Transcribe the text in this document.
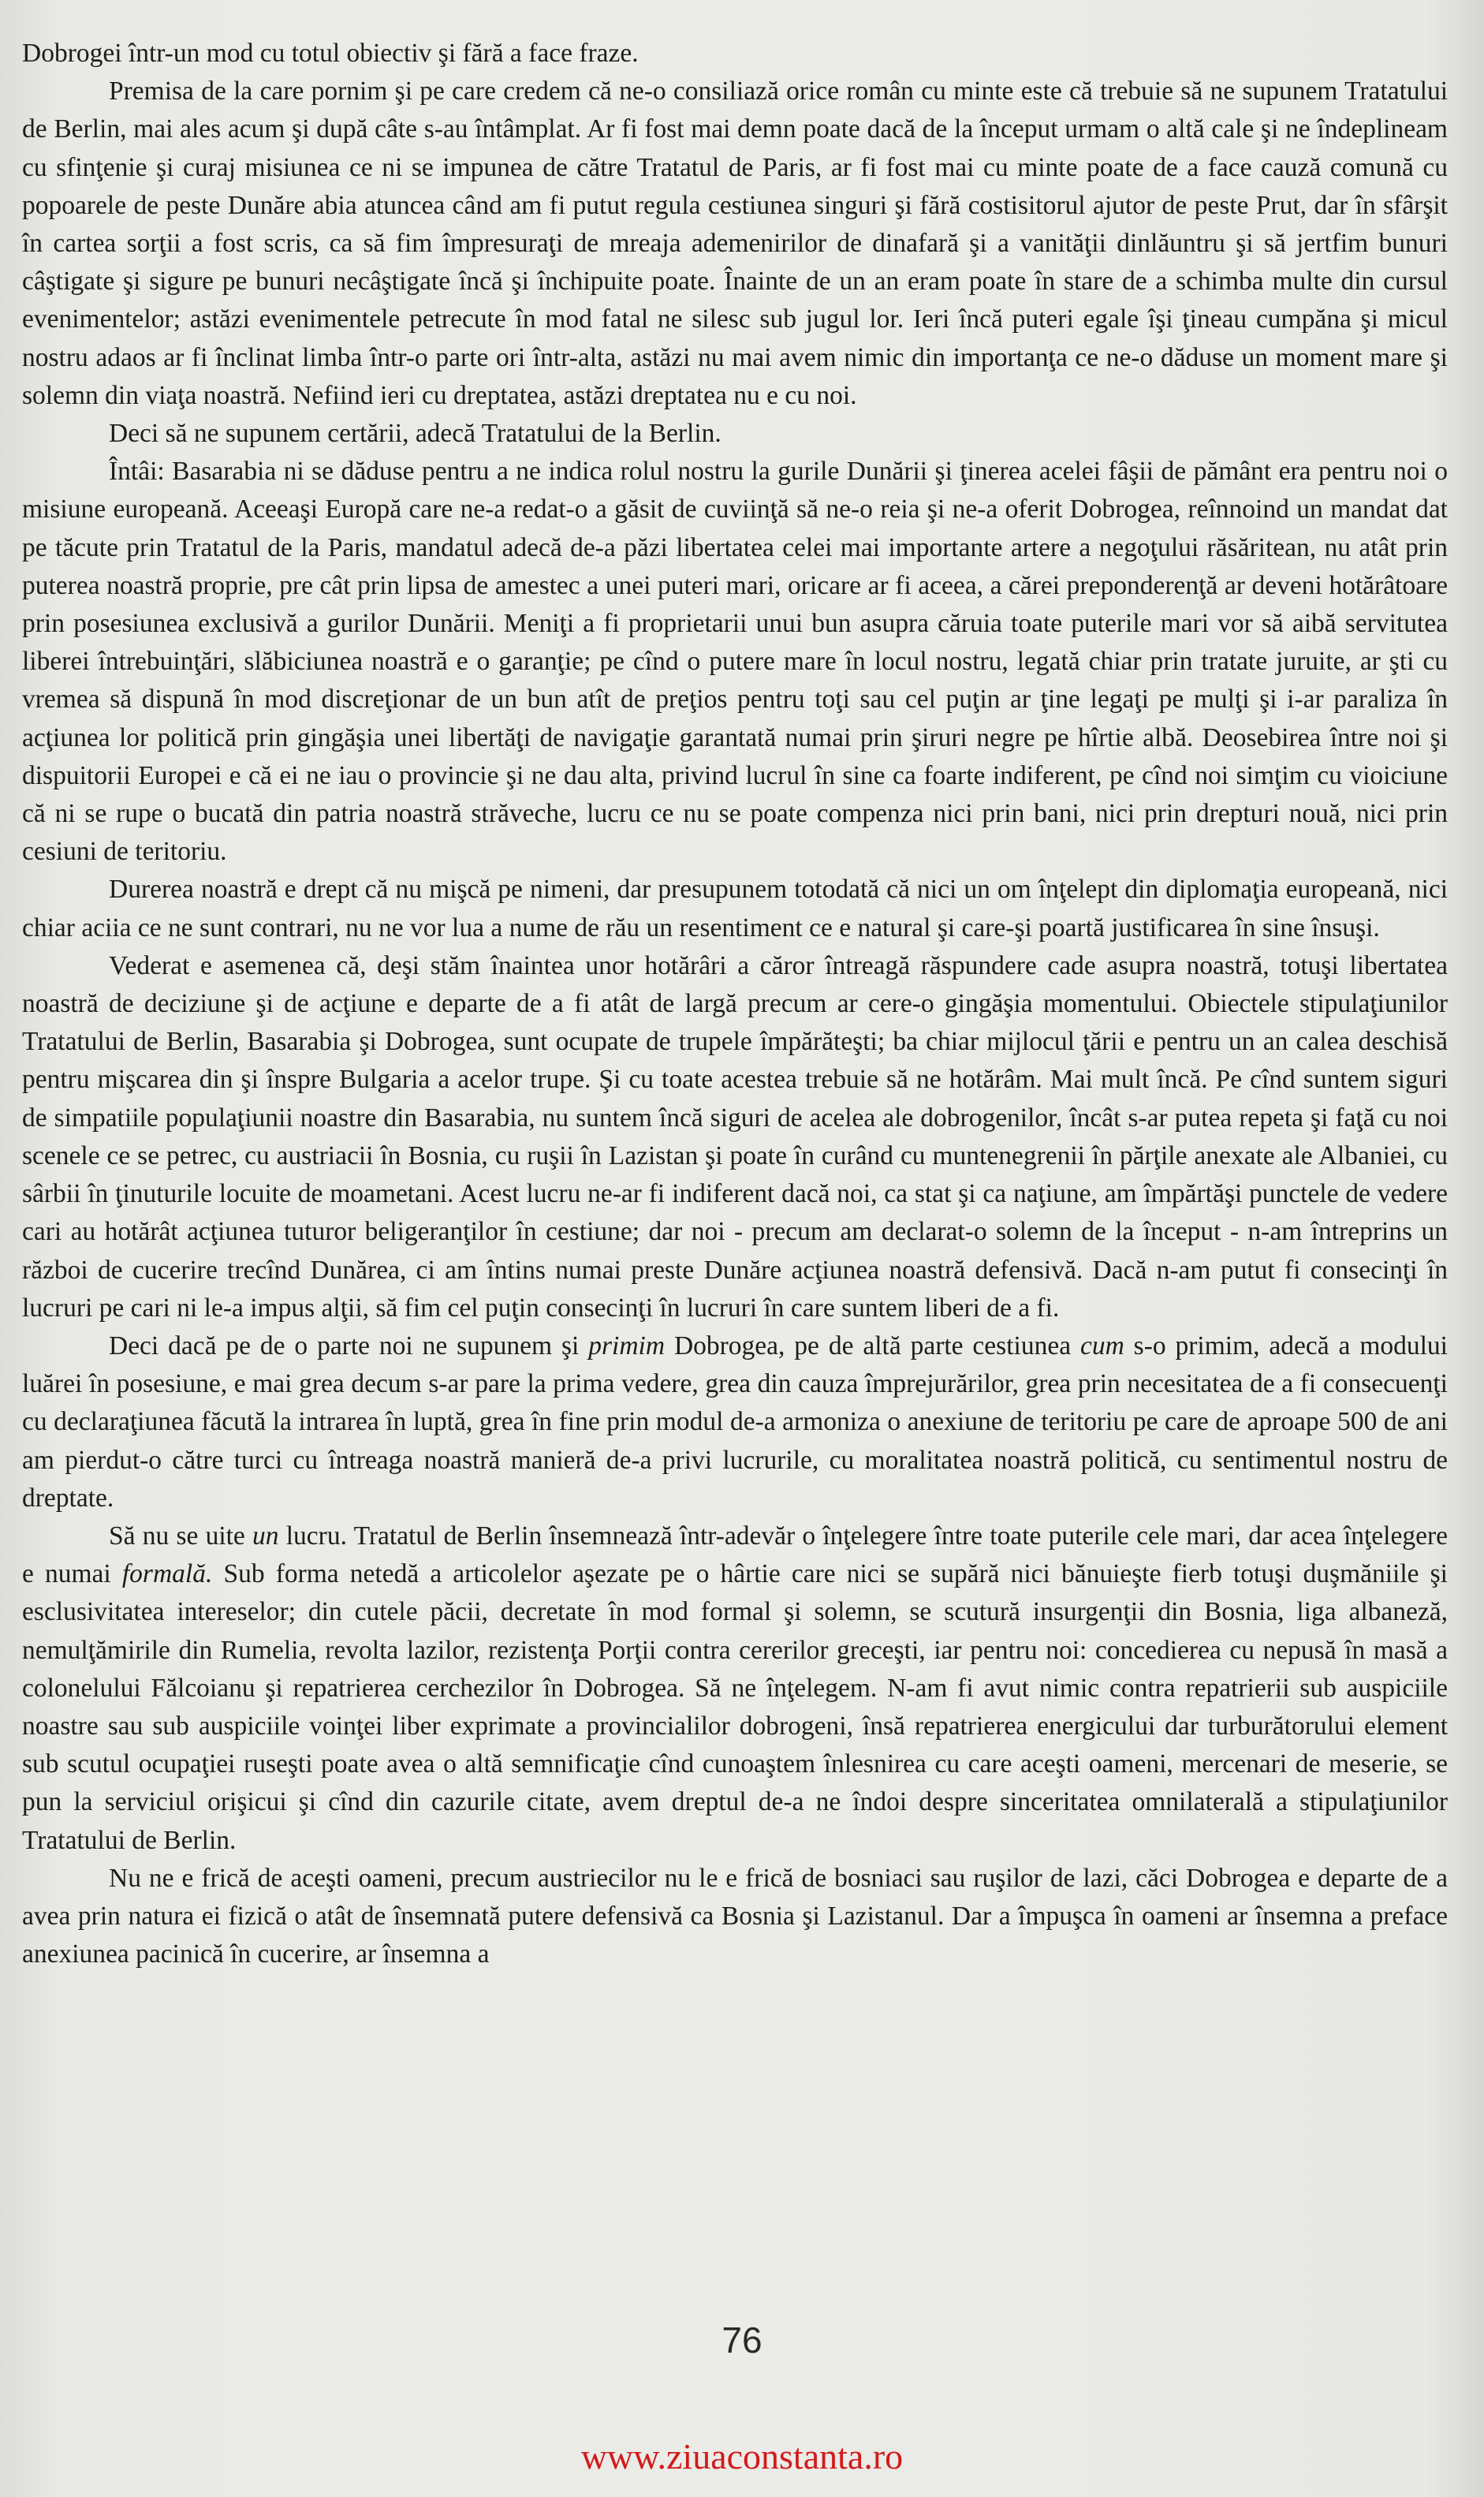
Dobrogei într-un mod cu totul obiectiv şi fără a face fraze.

Premisa de la care pornim şi pe care credem că ne-o consiliază orice român cu minte este că trebuie să ne supunem Tratatului de Berlin, mai ales acum şi după câte s-au întâmplat. Ar fi fost mai demn poate dacă de la început urmam o altă cale şi ne îndeplineam cu sfinţenie şi curaj misiunea ce ni se impunea de către Tratatul de Paris, ar fi fost mai cu minte poate de a face cauză comună cu popoarele de peste Dunăre abia atuncea când am fi putut regula cestiunea singuri şi fără costisitorul ajutor de peste Prut, dar în sfârşit în cartea sorţii a fost scris, ca să fim împresuraţi de mreaja ademenirilor de dinafară şi a vanităţii dinlăuntru şi să jertfim bunuri câştigate şi sigure pe bunuri necâştigate încă şi închipuite poate. Înainte de un an eram poate în stare de a schimba multe din cursul evenimentelor; astăzi evenimentele petrecute în mod fatal ne silesc sub jugul lor. Ieri încă puteri egale îşi ţineau cumpăna şi micul nostru adaos ar fi înclinat limba într-o parte ori într-alta, astăzi nu mai avem nimic din importanţa ce ne-o dăduse un moment mare şi solemn din viaţa noastră. Nefiind ieri cu dreptatea, astăzi dreptatea nu e cu noi.

Deci să ne supunem certării, adecă Tratatului de la Berlin.

Întâi: Basarabia ni se dăduse pentru a ne indica rolul nostru la gurile Dunării şi ţinerea acelei fâşii de pământ era pentru noi o misiune europeană. Aceeaşi Europă care ne-a redat-o a găsit de cuviinţă să ne-o reia şi ne-a oferit Dobrogea, reînnoind un mandat dat pe tăcute prin Tratatul de la Paris, mandatul adecă de-a păzi libertatea celei mai importante artere a negoţului răsăritean, nu atât prin puterea noastră proprie, pre cât prin lipsa de amestec a unei puteri mari, oricare ar fi aceea, a cărei preponderenţă ar deveni hotărâtoare prin posesiunea exclusivă a gurilor Dunării. Meniţi a fi proprietarii unui bun asupra căruia toate puterile mari vor să aibă servitutea liberei întrebuinţări, slăbiciunea noastră e o garanţie; pe cînd o putere mare în locul nostru, legată chiar prin tratate juruite, ar şti cu vremea să dispună în mod discreţionar de un bun atît de preţios pentru toţi sau cel puţin ar ţine legaţi pe mulţi şi i-ar paraliza în acţiunea lor politică prin gingăşia unei libertăţi de navigaţie garantată numai prin şiruri negre pe hîrtie albă. Deosebirea între noi şi dispuitorii Europei e că ei ne iau o provincie şi ne dau alta, privind lucrul în sine ca foarte indiferent, pe cînd noi simţim cu vioiciune că ni se rupe o bucată din patria noastră străveche, lucru ce nu se poate compenza nici prin bani, nici prin drepturi nouă, nici prin cesiuni de teritoriu.

Durerea noastră e drept că nu mişcă pe nimeni, dar presupunem totodată că nici un om înţelept din diplomaţia europeană, nici chiar aciia ce ne sunt contrari, nu ne vor lua a nume de rău un resentiment ce e natural şi care-şi poartă justificarea în sine însuşi.

Vederat e asemenea că, deşi stăm înaintea unor hotărâri a căror întreagă răspundere cade asupra noastră, totuşi libertatea noastră de deciziune şi de acţiune e departe de a fi atât de largă precum ar cere-o gingăşia momentului. Obiectele stipulaţiunilor Tratatului de Berlin, Basarabia şi Dobrogea, sunt ocupate de trupele împărăteşti; ba chiar mijlocul ţării e pentru un an calea deschisă pentru mişcarea din şi înspre Bulgaria a acelor trupe. Şi cu toate acestea trebuie să ne hotărâm. Mai mult încă. Pe cînd suntem siguri de simpatiile populaţiunii noastre din Basarabia, nu suntem încă siguri de acelea ale dobrogenilor, încât s-ar putea repeta şi faţă cu noi scenele ce se petrec, cu austriacii în Bosnia, cu ruşii în Lazistan şi poate în curând cu muntenegrenii în părţile anexate ale Albaniei, cu sârbii în ţinuturile locuite de moametani. Acest lucru ne-ar fi indiferent dacă noi, ca stat şi ca naţiune, am împărtăşi punctele de vedere cari au hotărât acţiunea tuturor beligeranţilor în cestiune; dar noi - precum am declarat-o solemn de la început - n-am întreprins un război de cucerire trecînd Dunărea, ci am întins numai preste Dunăre acţiunea noastră defensivă. Dacă n-am putut fi consecinţi în lucruri pe cari ni le-a impus alţii, să fim cel puţin consecinţi în lucruri în care suntem liberi de a fi.

Deci dacă pe de o parte noi ne supunem şi primim Dobrogea, pe de altă parte cestiunea cum s-o primim, adecă a modului luărei în posesiune, e mai grea decum s-ar pare la prima vedere, grea din cauza împrejurărilor, grea prin necesitatea de a fi consecuenţi cu declaraţiunea făcută la intrarea în luptă, grea în fine prin modul de-a armoniza o anexiune de teritoriu pe care de aproape 500 de ani am pierdut-o către turci cu întreaga noastră manieră de-a privi lucrurile, cu moralitatea noastră politică, cu sentimentul nostru de dreptate.

Să nu se uite un lucru. Tratatul de Berlin însemnează într-adevăr o înţelegere între toate puterile cele mari, dar acea înţelegere e numai formală. Sub forma netedă a articolelor aşezate pe o hârtie care nici se supără nici bănuieşte fierb totuşi duşmăniile şi esclusivitatea intereselor; din cutele păcii, decretate în mod formal şi solemn, se scutură insurgenţii din Bosnia, liga albaneză, nemulţămirile din Rumelia, revolta lazilor, rezistenţa Porţii contra cererilor greceşti, iar pentru noi: concedierea cu nepusă în masă a colonelului Fălcoianu şi repatrierea cerchezilor în Dobrogea. Să ne înţelegem. N-am fi avut nimic contra repatrierii sub auspiciile noastre sau sub auspiciile voinţei liber exprimate a provincialilor dobrogeni, însă repatrierea energicului dar turburătorului element sub scutul ocupaţiei ruseşti poate avea o altă semnificaţie cînd cunoaştem înlesnirea cu care aceşti oameni, mercenari de meserie, se pun la serviciul orişicui şi cînd din cazurile citate, avem dreptul de-a ne îndoi despre sinceritatea omnilaterală a stipulaţiunilor Tratatului de Berlin.

Nu ne e frică de aceşti oameni, precum austriecilor nu le e frică de bosniaci sau ruşilor de lazi, căci Dobrogea e departe de a avea prin natura ei fizică o atât de însemnată putere defensivă ca Bosnia şi Lazistanul. Dar a împuşca în oameni ar însemna a preface anexiunea pacinică în cucerire, ar însemna a

76
www.ziuaconstanta.ro
